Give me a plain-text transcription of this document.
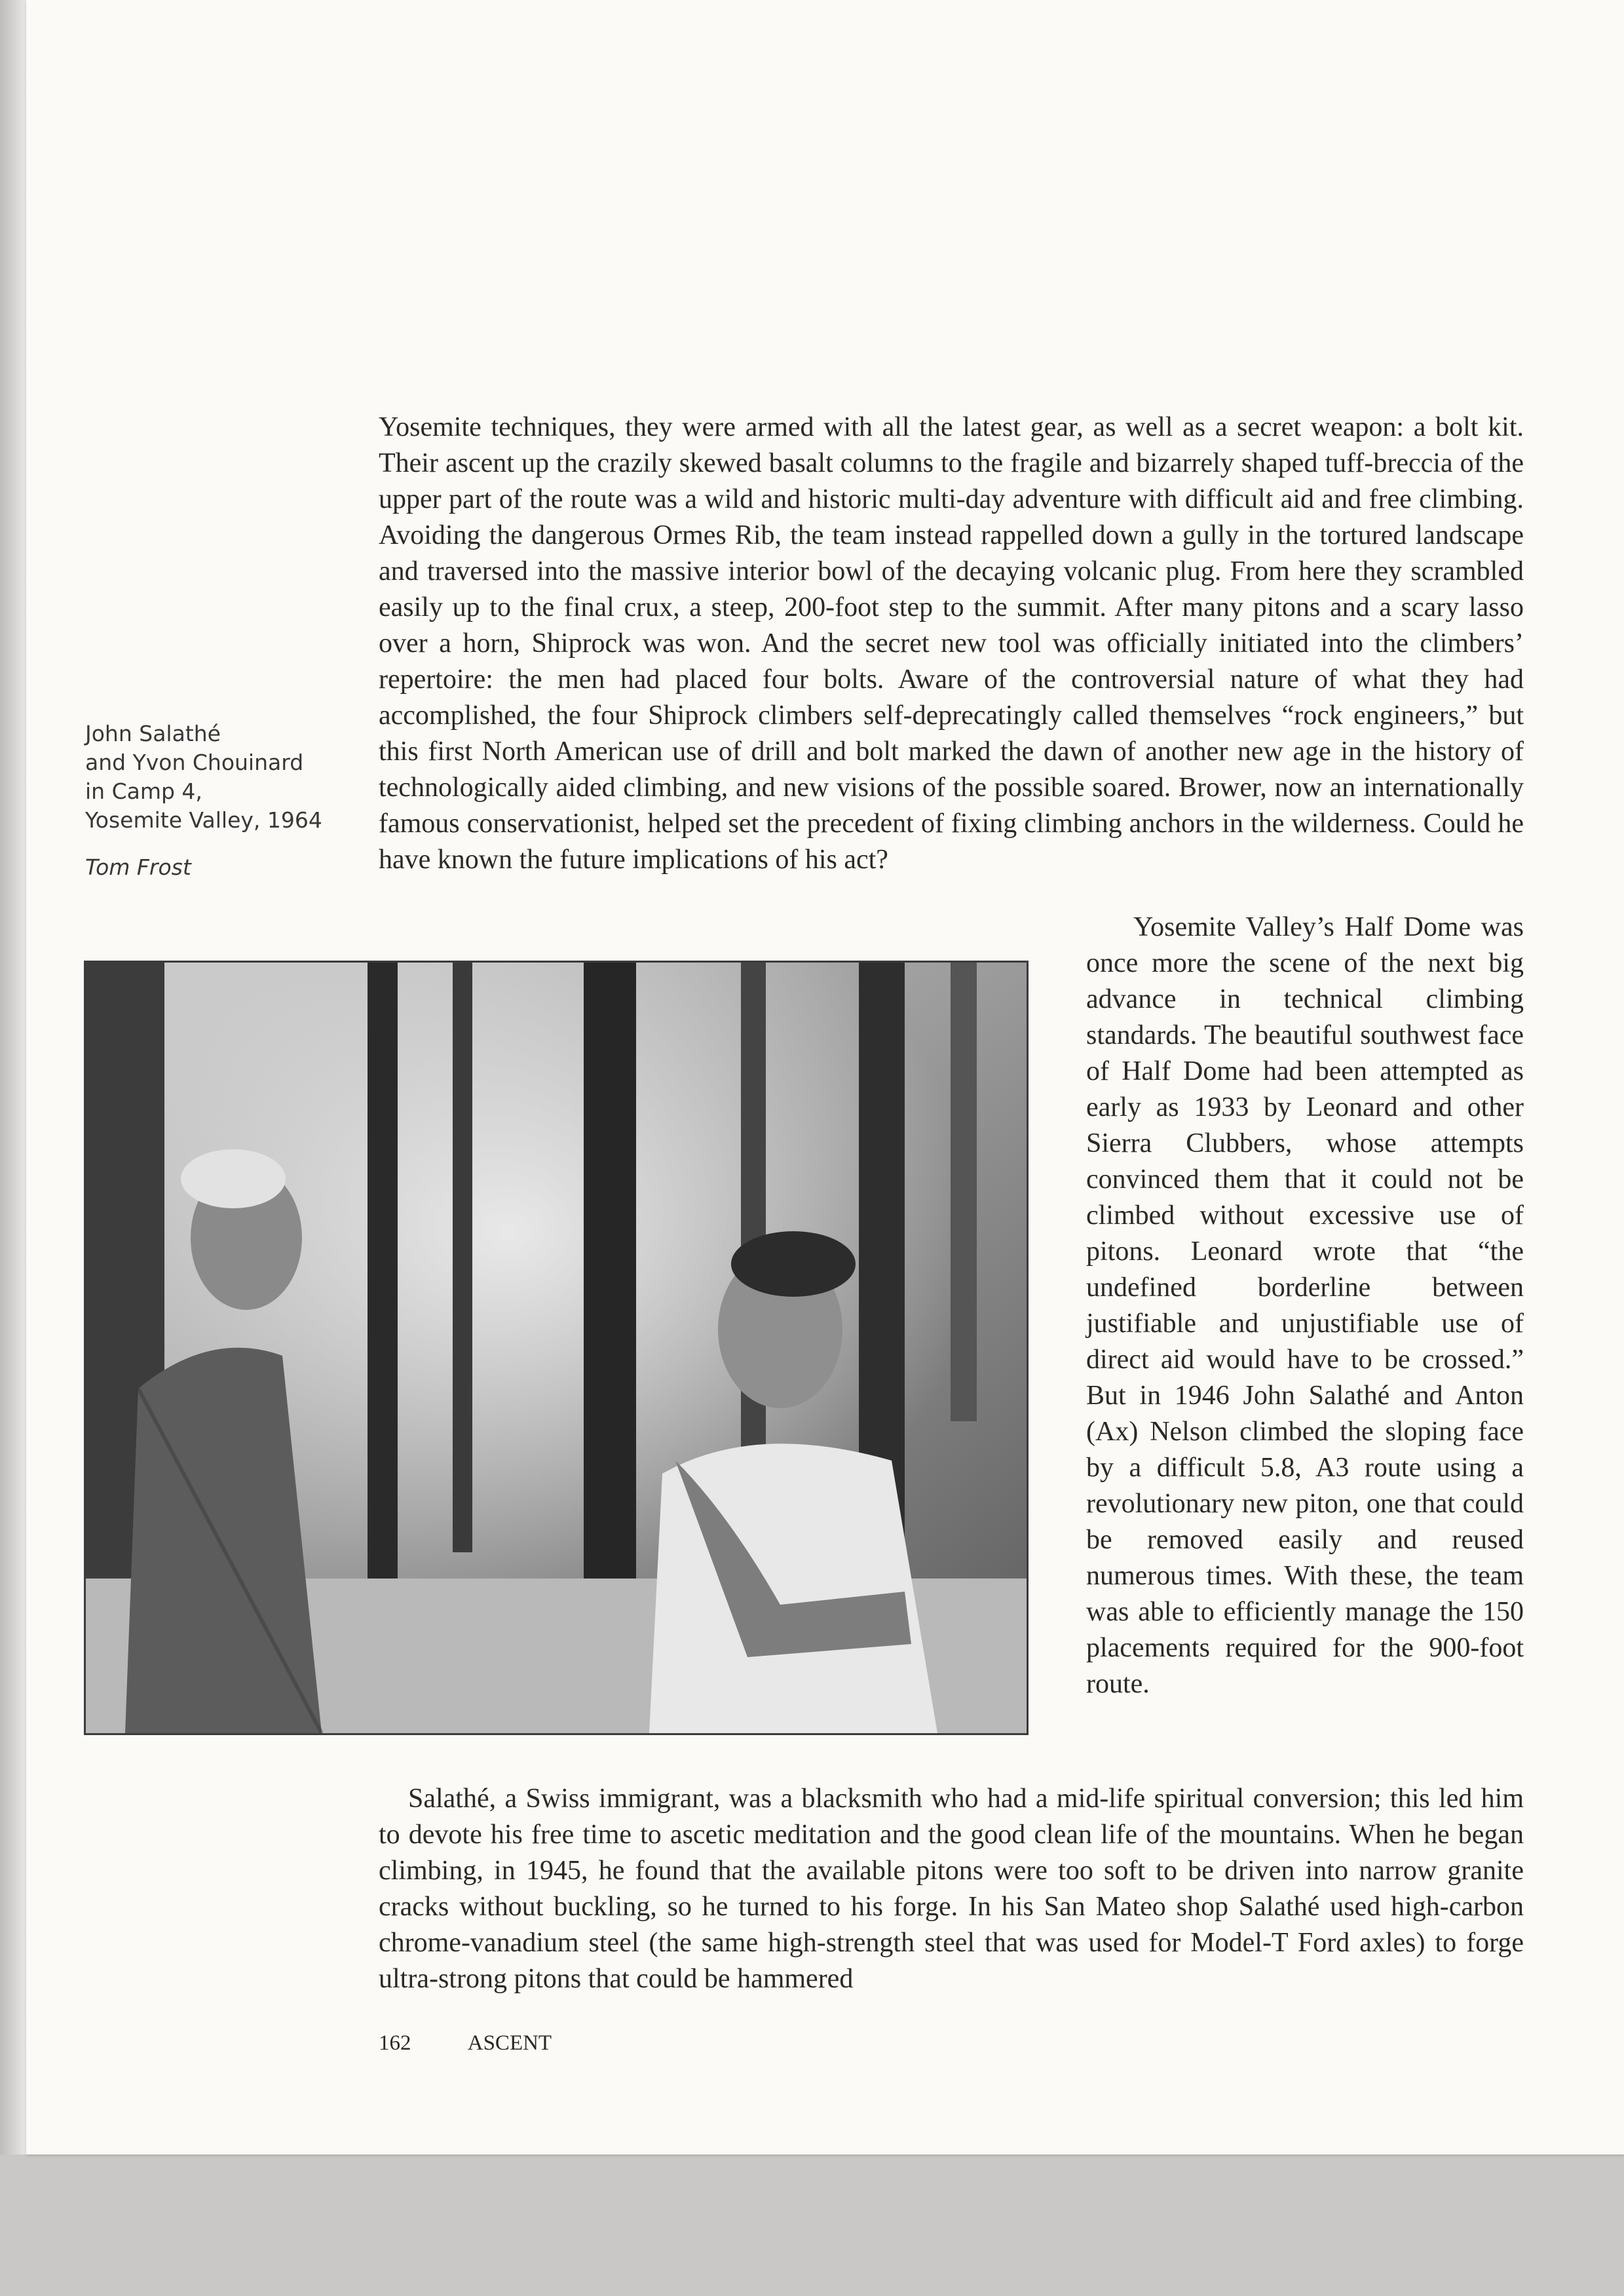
Yosemite techniques, they were armed with all the latest gear, as well as a secret weapon: a bolt kit. Their ascent up the crazily skewed basalt columns to the fragile and bizarrely shaped tuff-breccia of the upper part of the route was a wild and historic multi-day adventure with difficult aid and free climbing. Avoiding the dangerous Ormes Rib, the team instead rappelled down a gully in the tortured landscape and traversed into the massive interior bowl of the decaying volcanic plug. From here they scrambled easily up to the final crux, a steep, 200-foot step to the summit. After many pitons and a scary lasso over a horn, Shiprock was won. And the secret new tool was officially initiated into the climbers’ repertoire: the men had placed four bolts. Aware of the controversial nature of what they had accomplished, the four Shiprock climbers self-deprecatingly called themselves “rock engineers,” but this first North American use of drill and bolt marked the dawn of another new age in the history of technologically aided climbing, and new visions of the possible soared. Brower, now an internationally famous conservationist, helped set the precedent of fixing climbing anchors in the wilderness. Could he have known the future implications of his act?

Yosemite Valley’s Half Dome was once more the scene of the next big advance in technical climbing standards. The beautiful southwest face of Half Dome had been attempted as early as 1933 by Leonard and other Sierra Clubbers, whose attempts convinced them that it could not be climbed without excessive use of pitons. Leonard wrote that “the undefined borderline between justifiable and unjustifiable use of direct aid would have to be crossed.” But in 1946 John Salathé and Anton (Ax) Nelson climbed the sloping face by a difficult 5.8, A3 route using a revolutionary new piton, one that could be removed easily and reused numerous times. With these, the team was able to efficiently manage the 150 placements required for the 900-foot route.

Salathé, a Swiss immigrant, was a blacksmith who had a mid-life spiritual conversion; this led him to devote his free time to ascetic meditation and the good clean life of the mountains. When he began climbing, in 1945, he found that the available pitons were too soft to be driven into narrow granite cracks without buckling, so he turned to his forge. In his San Mateo shop Salathé used high-carbon chrome-vanadium steel (the same high-strength steel that was used for Model-T Ford axles) to forge ultra-strong pitons that could be hammered

John Salathé
and Yvon Chouinard
in Camp 4,
Yosemite Valley, 1964
Tom Frost
162	ASCENT
